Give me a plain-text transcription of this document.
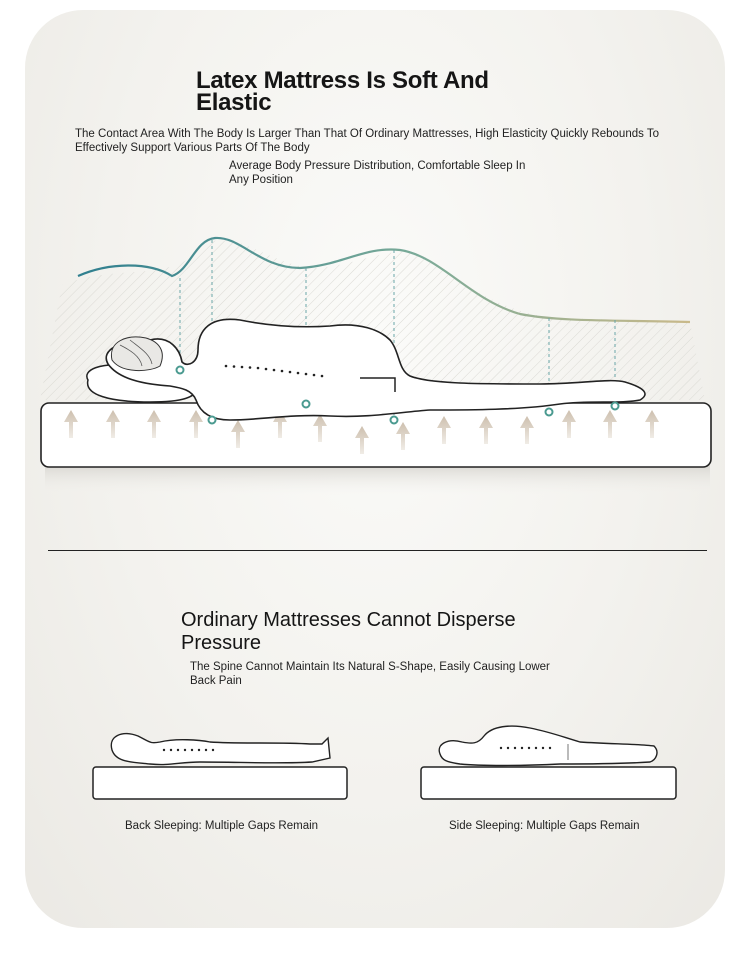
Latex Mattress Is Soft And Elastic
The Contact Area With The Body Is Larger Than That Of Ordinary Mattresses, High Elasticity Quickly Rebounds To Effectively Support Various Parts Of The Body
Average Body Pressure Distribution, Comfortable Sleep In Any Position
Ordinary Mattresses Cannot Disperse Pressure
The Spine Cannot Maintain Its Natural S-Shape, Easily Causing Lower Back Pain
Back Sleeping: Multiple Gaps Remain	Side Sleeping: Multiple Gaps Remain
